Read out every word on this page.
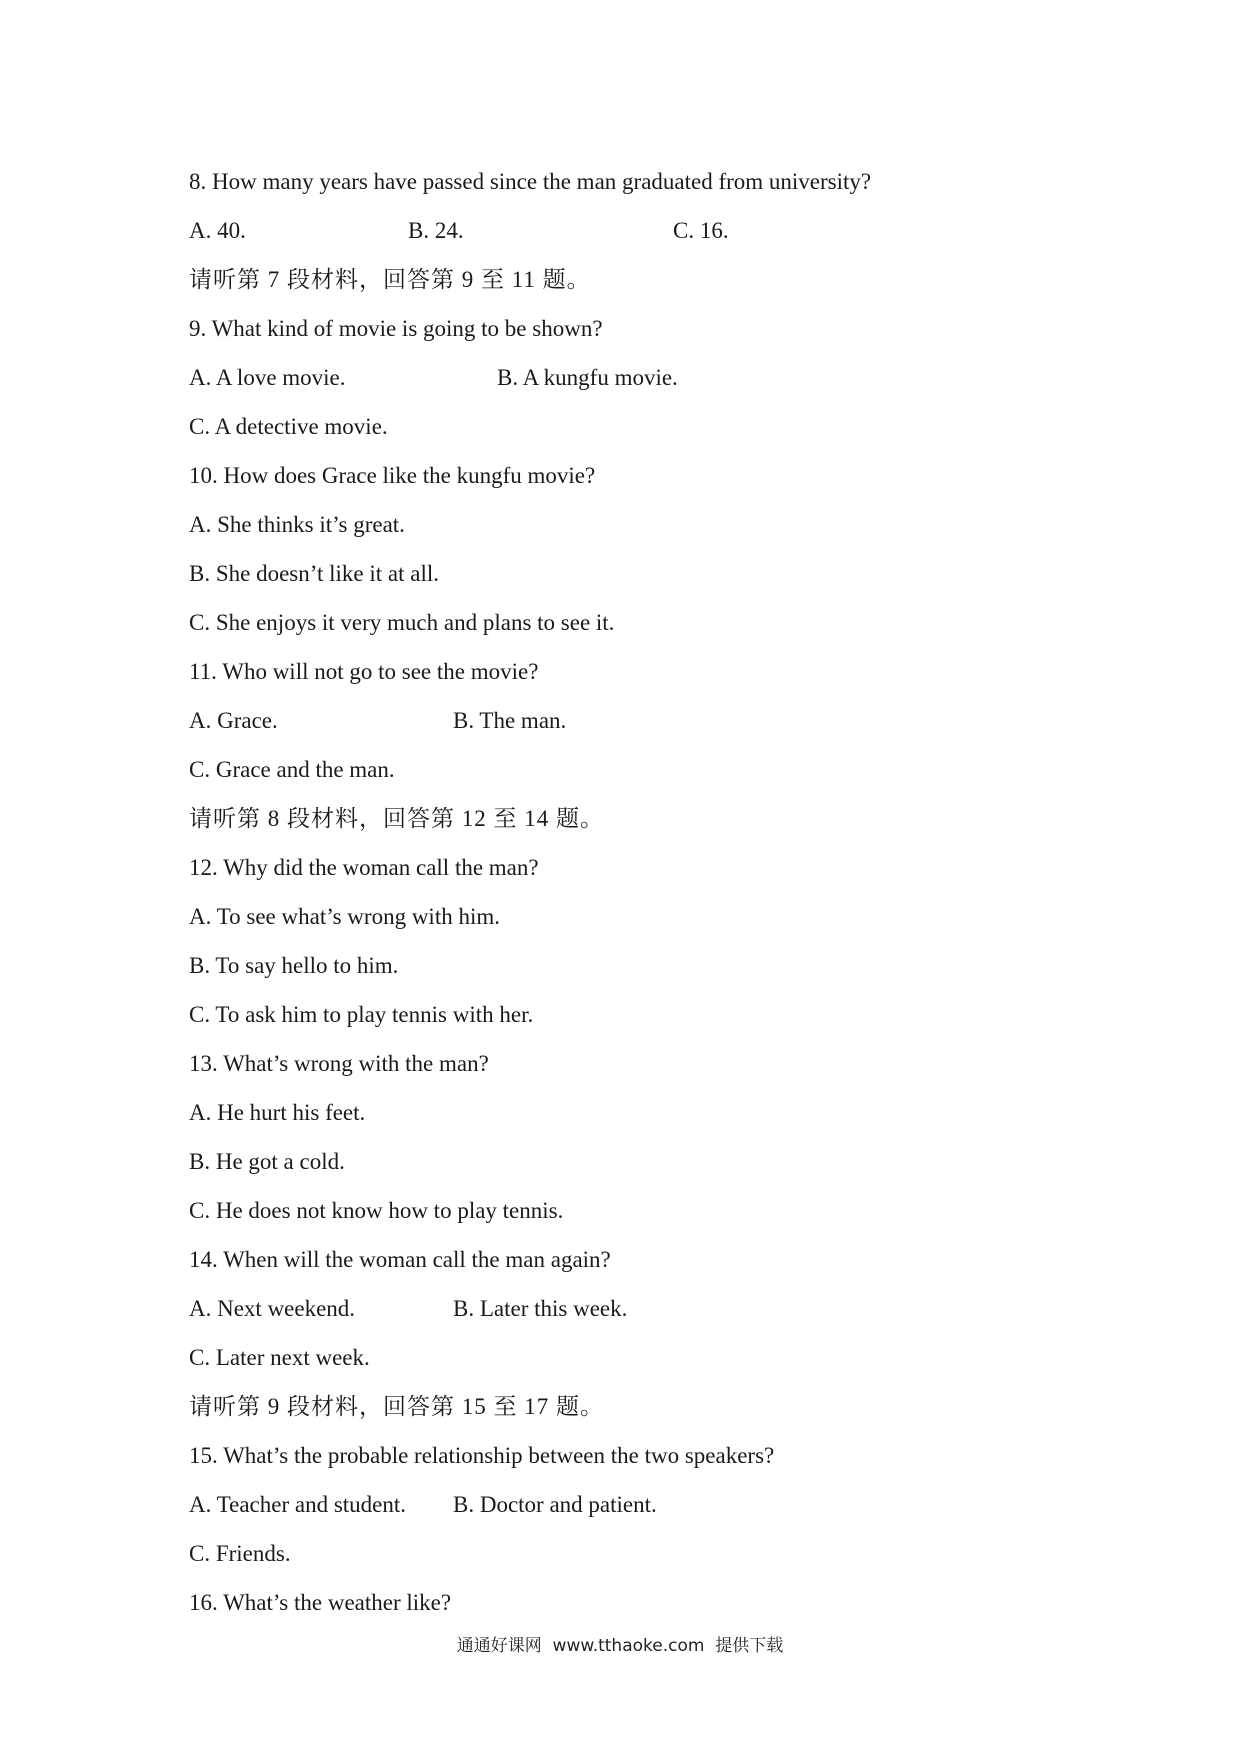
8. How many years have passed since the man graduated from university?
A. 40.	B. 24.	C. 16.
请听第 7 段材料，回答第 9 至 11 题。
9. What kind of movie is going to be shown?
A. A love movie.	B. A kungfu movie.
C. A detective movie.
10. How does Grace like the kungfu movie?
A. She thinks it’s great.
B. She doesn’t like it at all.
C. She enjoys it very much and plans to see it.
11. Who will not go to see the movie?
A. Grace.	B. The man.
C. Grace and the man.
请听第 8 段材料，回答第 12 至 14 题。
12. Why did the woman call the man?
A. To see what’s wrong with him.
B. To say hello to him.
C. To ask him to play tennis with her.
13. What’s wrong with the man?
A. He hurt his feet.
B. He got a cold.
C. He does not know how to play tennis.
14. When will the woman call the man again?
A. Next weekend.	B. Later this week.
C. Later next week.
请听第 9 段材料，回答第 15 至 17 题。
15. What’s the probable relationship between the two speakers?
A. Teacher and student. B. Doctor and patient.
C. Friends.
16. What’s the weather like?
通通好课网  www.tthaoke.com  提供下载
